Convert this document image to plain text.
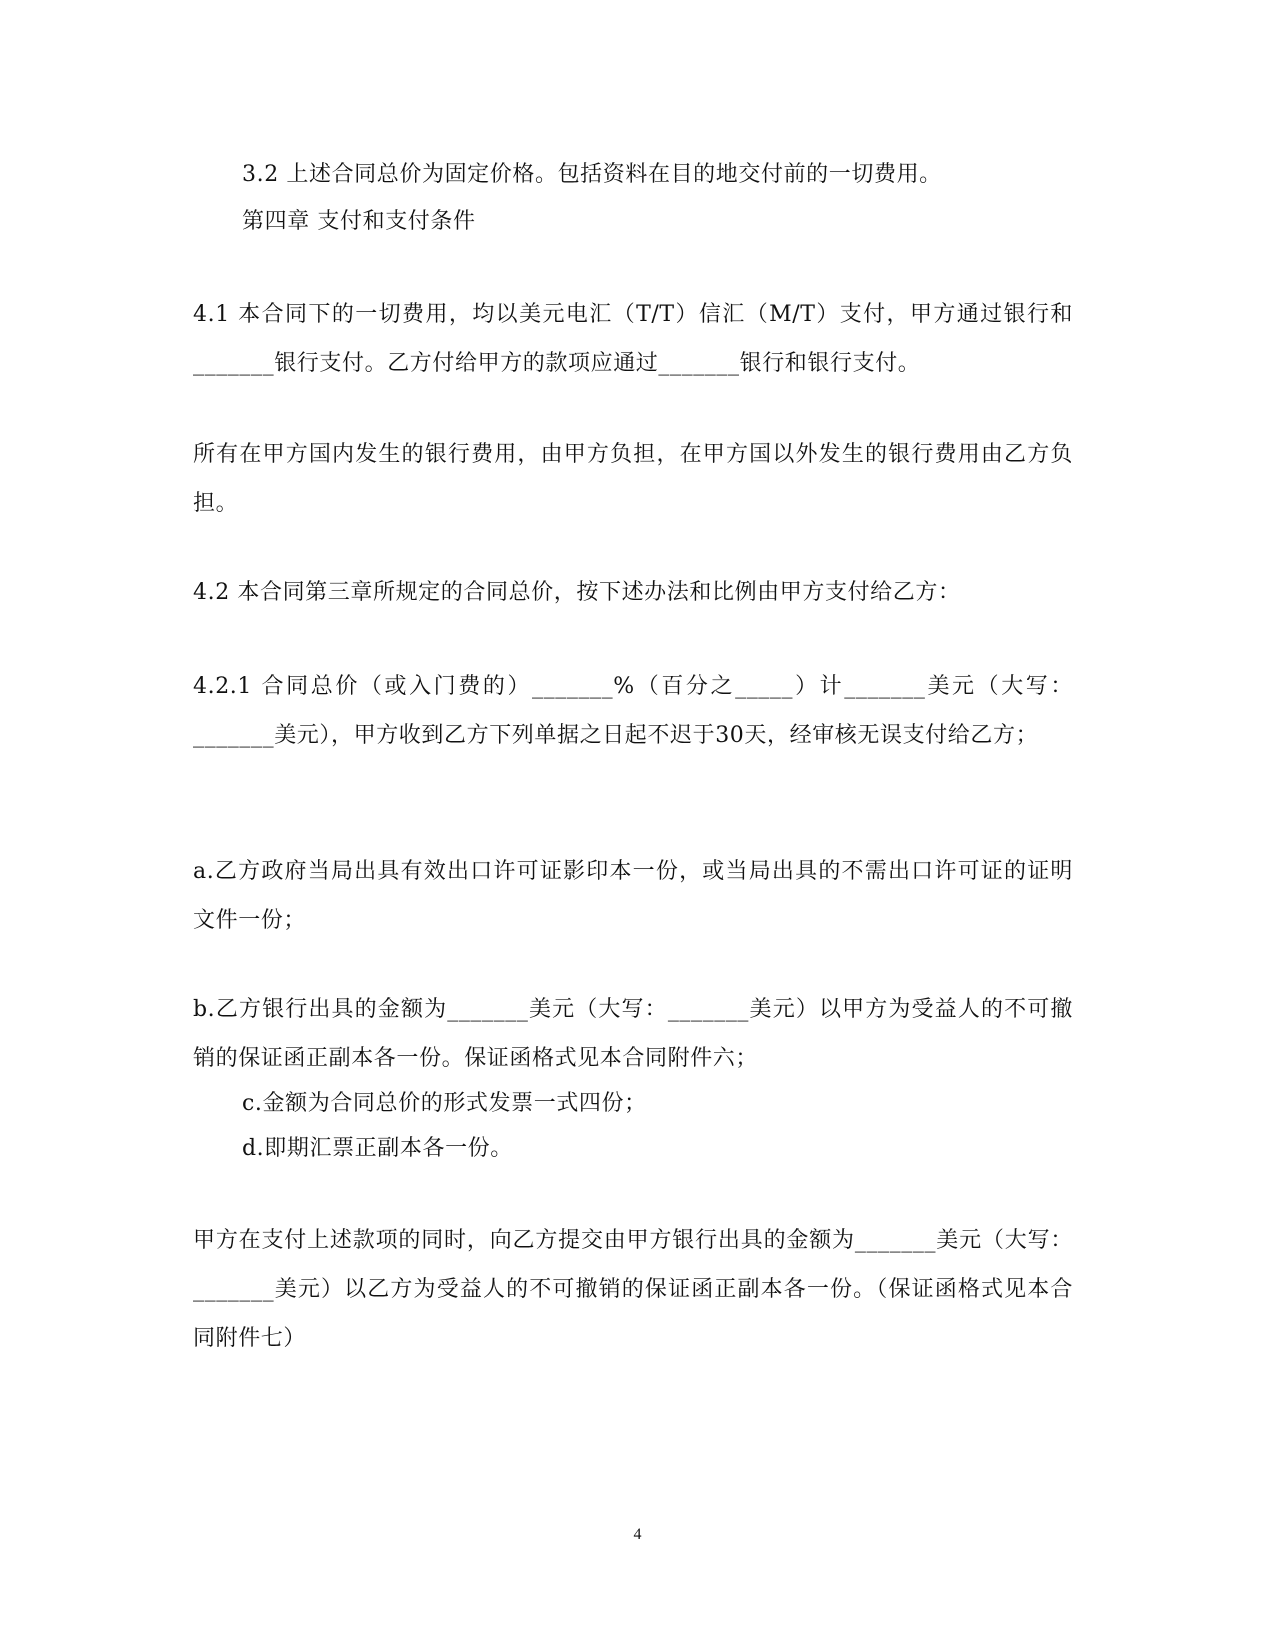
3.2 上述合同总价为固定价格。包括资料在目的地交付前的一切费用。

第四章 支付和支付条件

4.1 本合同下的一切费用，均以美元电汇（T/T）信汇（M/T）支付，甲方通过银行和_______银行支付。乙方付给甲方的款项应通过_______银行和银行支付。

所有在甲方国内发生的银行费用，由甲方负担，在甲方国以外发生的银行费用由乙方负担。

4.2 本合同第三章所规定的合同总价，按下述办法和比例由甲方支付给乙方：

4.2.1 合同总价（或入门费的）_______%（百分之_____）计_______美元（大写：_______美元），甲方收到乙方下列单据之日起不迟于30天，经审核无误支付给乙方；

a.乙方政府当局出具有效出口许可证影印本一份，或当局出具的不需出口许可证的证明文件一份；

b.乙方银行出具的金额为_______美元（大写：_______美元）以甲方为受益人的不可撤销的保证函正副本各一份。保证函格式见本合同附件六；

c.金额为合同总价的形式发票一式四份；

d.即期汇票正副本各一份。

甲方在支付上述款项的同时，向乙方提交由甲方银行出具的金额为_______美元（大写：_______美元）以乙方为受益人的不可撤销的保证函正副本各一份。（保证函格式见本合同附件七）

4
